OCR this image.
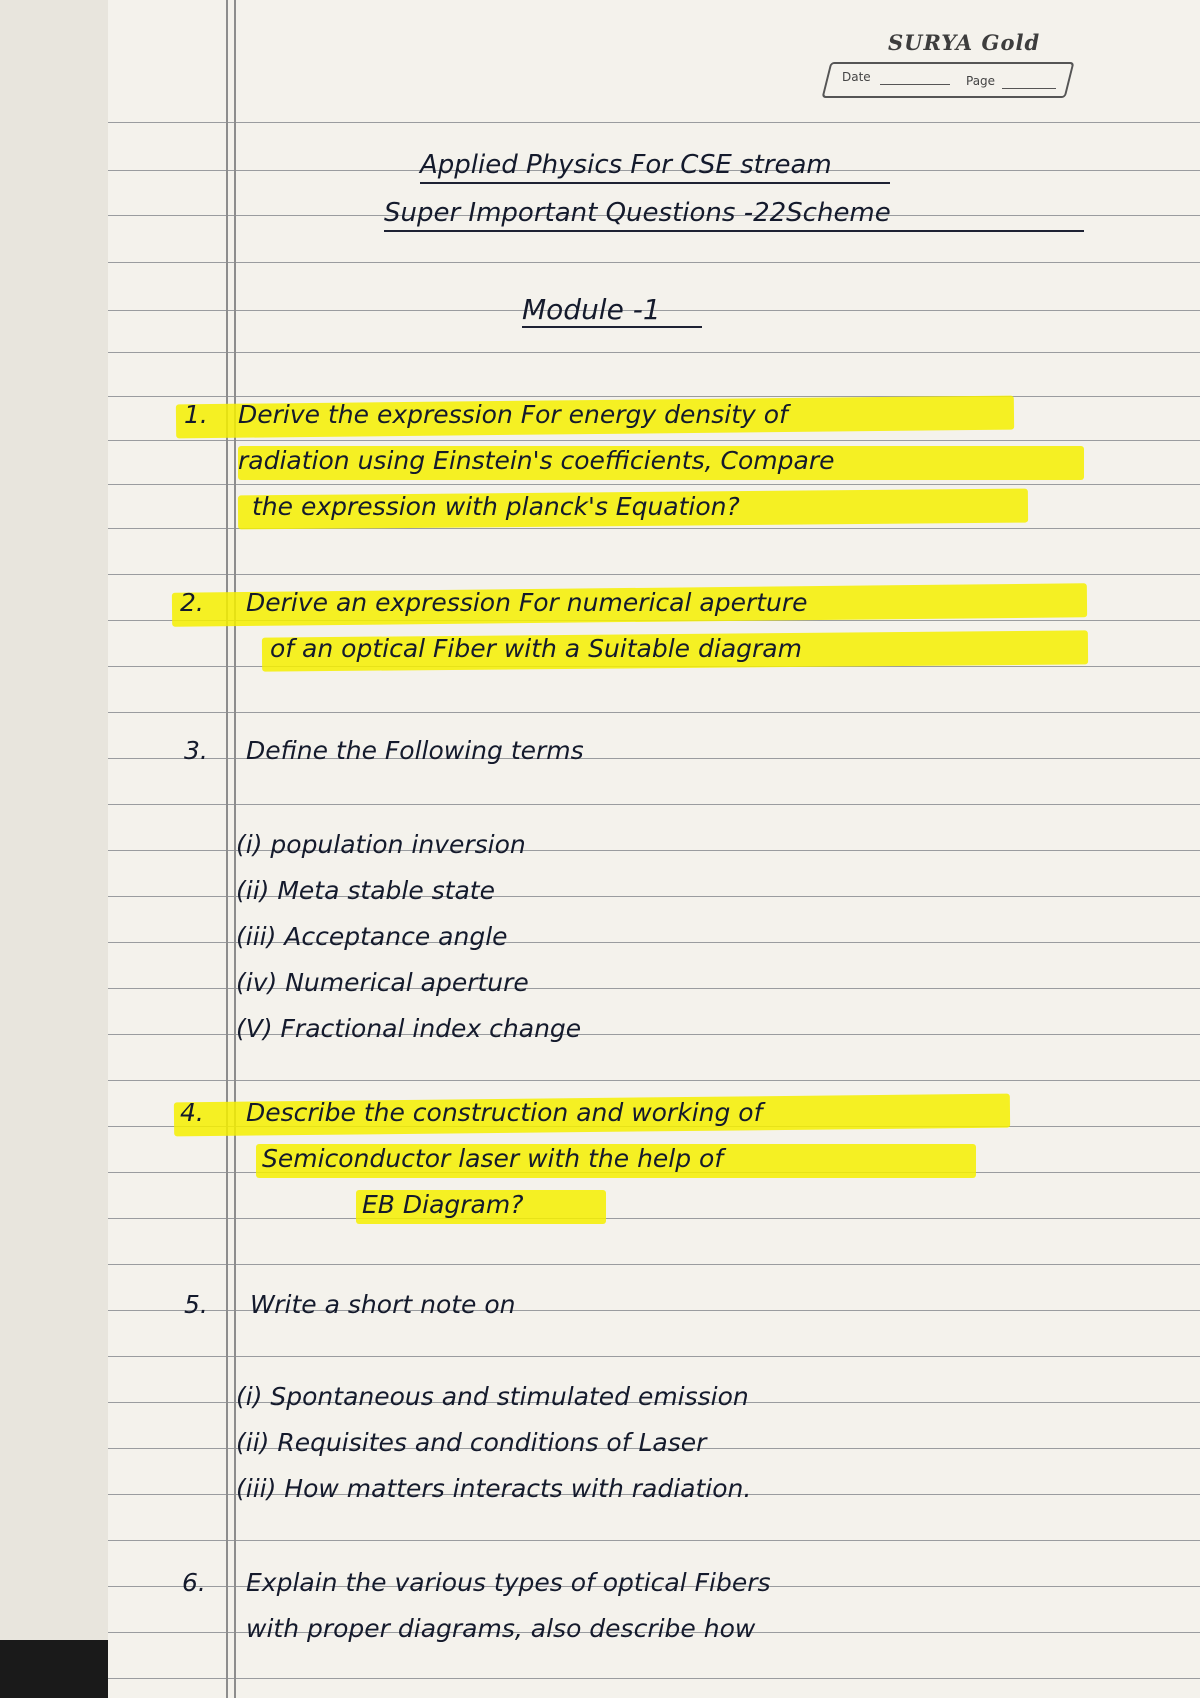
SURYA Gold
Date	Page
Applied Physics For CSE stream
Super Important Questions -22Scheme
Module -1
1. Derive the expression For energy density of
radiation using Einstein's coefficients, Compare
the expression with planck's Equation?
2. Derive an expression For numerical aperture
of an optical Fiber with a Suitable diagram
3. Define the Following terms
(i) population inversion
(ii) Meta stable state
(iii) Acceptance angle
(iv) Numerical aperture
(V) Fractional index change
4. Describe the construction and working of
Semiconductor laser with the help of
EB Diagram?
5. Write a short note on
(i) Spontaneous and stimulated emission
(ii) Requisites and conditions of Laser
(iii) How matters interacts with radiation.
6. Explain the various types of optical Fibers
with proper diagrams, also describe how
